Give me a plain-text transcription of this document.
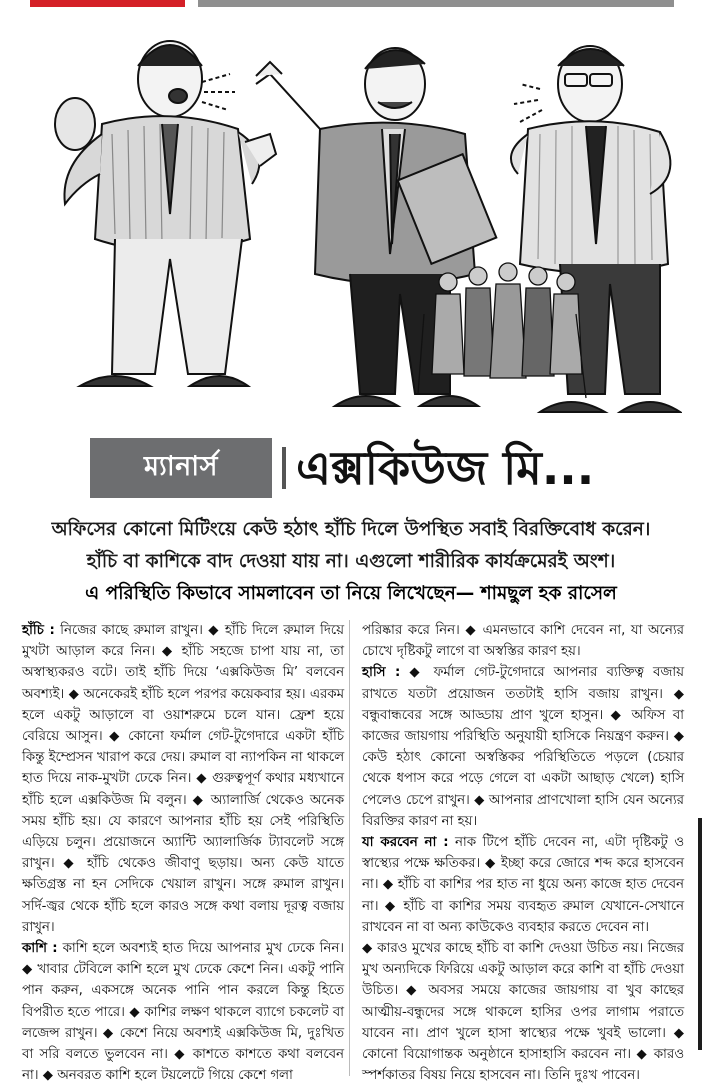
ম্যানার্স	এক্সকিউজ মি...

অফিসের কোনো মিটিংয়ে কেউ হঠাৎ হাঁচি দিলে উপস্থিত সবাই বিরক্তিবোধ করেন।

হাঁচি বা কাশিকে বাদ দেওয়া যায় না। এগুলো শারীরিক কার্যক্রমেরই অংশ।

এ পরিস্থিতি কিভাবে সামলাবেন তা নিয়ে লিখেছেন— শামছুল হক রাসেল

হাঁচি : নিজের কাছে রুমাল রাখুন। ◆ হাঁচি দিলে রুমাল দিয়ে মুখটা আড়াল করে নিন। ◆ হাঁচি সহজে চাপা যায় না, তা অস্বাস্থ্যকরও বটে। তাই হাঁচি দিয়ে ‘এক্সকিউজ মি’ বলবেন অবশ্যই। ◆ অনেকেরই হাঁচি হলে পরপর কয়েকবার হয়। এরকম হলে একটু আড়ালে বা ওয়াশরুমে চলে যান। ফ্রেশ হয়ে বেরিয়ে আসুন। ◆ কোনো ফর্মাল গেট-টুগেদারে একটা হাঁচি কিন্তু ইম্প্রেসন খারাপ করে দেয়। রুমাল বা ন্যাপকিন না থাকলে হাত দিয়ে নাক-মুখটা ঢেকে নিন। ◆ গুরুত্বপূর্ণ কথার মধ্যখানে হাঁচি হলে এক্সকিউজ মি বলুন। ◆ অ্যালার্জি থেকেও অনেক সময় হাঁচি হয়। যে কারণে আপনার হাঁচি হয় সেই পরিস্থিতি এড়িয়ে চলুন। প্রয়োজনে অ্যান্টি অ্যালার্জিক ট্যাবলেট সঙ্গে রাখুন। ◆ হাঁচি থেকেও জীবাণু ছড়ায়। অন্য কেউ যাতে ক্ষতিগ্রস্ত না হন সেদিকে খেয়াল রাখুন। সঙ্গে রুমাল রাখুন। সর্দি-জ্বর থেকে হাঁচি হলে কারও সঙ্গে কথা বলায় দূরত্ব বজায় রাখুন।

কাশি : কাশি হলে অবশ্যই হাত দিয়ে আপনার মুখ ঢেকে নিন। ◆ খাবার টেবিলে কাশি হলে মুখ ঢেকে কেশে নিন। একটু পানি পান করুন, একসঙ্গে অনেক পানি পান করলে কিন্তু হিতে বিপরীত হতে পারে। ◆ কাশির লক্ষণ থাকলে ব্যাগে চকলেট বা লজেন্স রাখুন। ◆ কেশে নিয়ে অবশ্যই এক্সকিউজ মি, দুঃখিত বা সরি বলতে ভুলবেন না। ◆ কাশতে কাশতে কথা বলবেন না। ◆ অনবরত কাশি হলে টয়লেটে গিয়ে কেশে গলা

পরিষ্কার করে নিন। ◆ এমনভাবে কাশি দেবেন না, যা অন্যের চোখে দৃষ্টিকটু লাগে বা অস্বস্তির কারণ হয়।

হাসি : ◆ ফর্মাল গেট-টুগেদারে আপনার ব্যক্তিত্ব বজায় রাখতে যতটা প্রয়োজন ততটাই হাসি বজায় রাখুন। ◆ বন্ধুবান্ধবের সঙ্গে আড্ডায় প্রাণ খুলে হাসুন। ◆ অফিস বা কাজের জায়গায় পরিস্থিতি অনুযায়ী হাসিকে নিয়ন্ত্রণ করুন। ◆ কেউ হঠাৎ কোনো অস্বস্তিকর পরিস্থিতিতে পড়লে (চেয়ার থেকে ধপাস করে পড়ে গেলে বা একটা আছাড় খেলে) হাসি পেলেও চেপে রাখুন। ◆ আপনার প্রাণখোলা হাসি যেন অন্যের বিরক্তির কারণ না হয়।

যা করবেন না : নাক টিপে হাঁচি দেবেন না, এটা দৃষ্টিকটু ও স্বাস্থ্যের পক্ষে ক্ষতিকর। ◆ ইচ্ছা করে জোরে শব্দ করে হাসবেন না। ◆ হাঁচি বা কাশির পর হাত না ধুয়ে অন্য কাজে হাত দেবেন না। ◆ হাঁচি বা কাশির সময় ব্যবহৃত রুমাল যেখানে-সেখানে রাখবেন না বা অন্য কাউকেও ব্যবহার করতে দেবেন না।

◆ কারও মুখের কাছে হাঁচি বা কাশি দেওয়া উচিত নয়। নিজের মুখ অন্যদিকে ফিরিয়ে একটু আড়াল করে কাশি বা হাঁচি দেওয়া উচিত। ◆ অবসর সময়ে কাজের জায়গায় বা খুব কাছের আত্মীয়-বন্ধুদের সঙ্গে থাকলে হাসির ওপর লাগাম পরাতে যাবেন না। প্রাণ খুলে হাসা স্বাস্থ্যের পক্ষে খুবই ভালো। ◆ কোনো বিয়োগান্তক অনুষ্ঠানে হাসাহাসি করবেন না। ◆ কারও স্পর্শকাতর বিষয় নিয়ে হাসবেন না। তিনি দুঃখ পাবেন।
